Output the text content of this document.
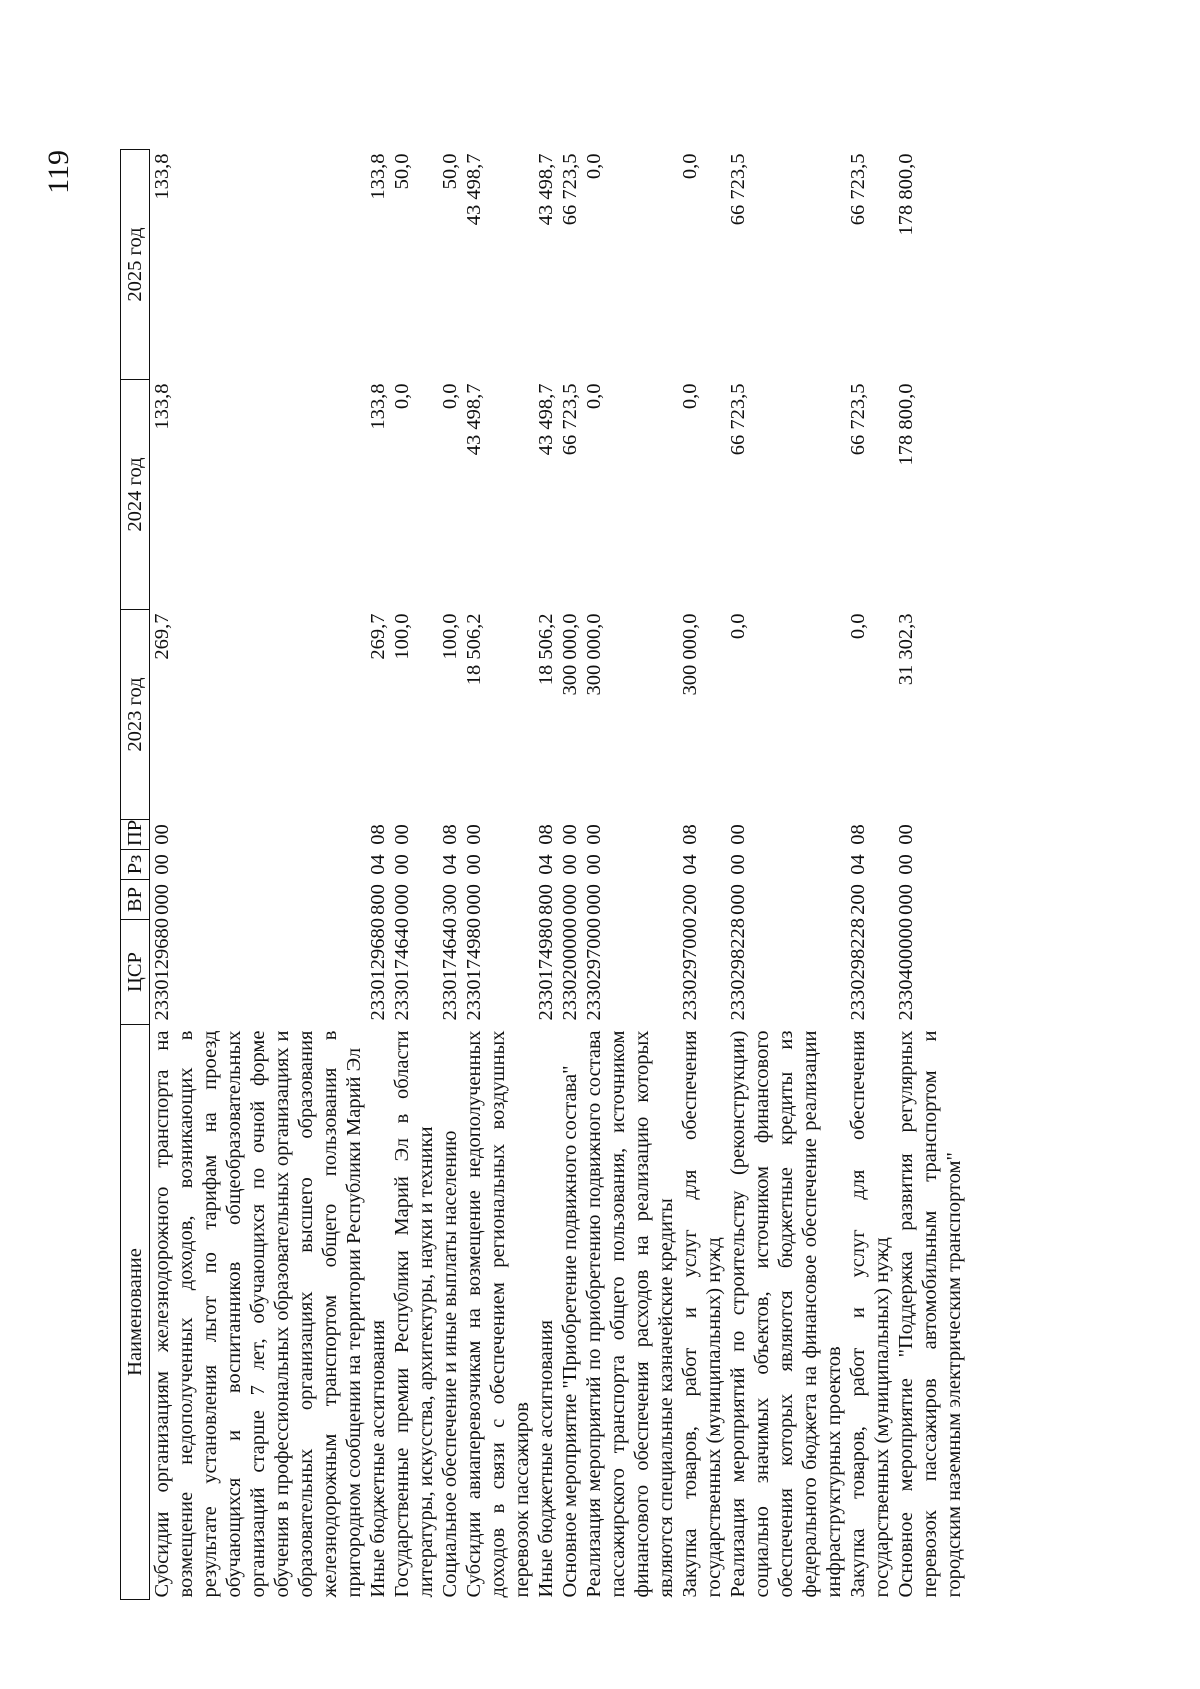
119
Наименование	ЦСР	ВР	Рз	ПР	2023 год	2024 год	2025 год
Субсидии организациям железнодорожного транспорта на возмещение недополученных доходов, возникающих в результате установления льгот по тарифам на проезд обучающихся и воспитанников общеобразовательных организаций старше 7 лет, обучающихся по очной форме обучения в профессиональных образовательных организациях и образовательных организациях высшего образования железнодорожным транспортом общего пользования в пригородном сообщении на территории Республики Марий Эл	2330129680	000	00	00	269,7	133,8	133,8
Иные бюджетные ассигнования	2330129680	800	04	08	269,7	133,8	133,8
Государственные премии Республики Марий Эл в области литературы, искусства, архитектуры, науки и техники	2330174640	000	00	00	100,0	0,0	50,0
Социальное обеспечение и иные выплаты населению	2330174640	300	04	08	100,0	0,0	50,0
Субсидии авиаперевозчикам на возмещение недополученных доходов в связи с обеспечением региональных воздушных перевозок пассажиров	2330174980	000	00	00	18 506,2	43 498,7	43 498,7
Иные бюджетные ассигнования	2330174980	800	04	08	18 506,2	43 498,7	43 498,7
Основное мероприятие "Приобретение подвижного состава"	2330200000	000	00	00	300 000,0	66 723,5	66 723,5
Реализация мероприятий по приобретению подвижного состава пассажирского транспорта общего пользования, источником финансового обеспечения расходов на реализацию которых являются специальные казначейские кредиты	2330297000	000	00	00	300 000,0	0,0	0,0
Закупка товаров, работ и услуг для обеспечения государственных (муниципальных) нужд	2330297000	200	04	08	300 000,0	0,0	0,0
Реализация мероприятий по строительству (реконструкции) социально значимых объектов, источником финансового обеспечения которых являются бюджетные кредиты из федерального бюджета на финансовое обеспечение реализации инфраструктурных проектов	2330298228	000	00	00	0,0	66 723,5	66 723,5
Закупка товаров, работ и услуг для обеспечения государственных (муниципальных) нужд	2330298228	200	04	08	0,0	66 723,5	66 723,5
Основное мероприятие "Поддержка развития регулярных перевозок пассажиров автомобильным транспортом и городским наземным электрическим транспортом"	2330400000	000	00	00	31 302,3	178 800,0	178 800,0
